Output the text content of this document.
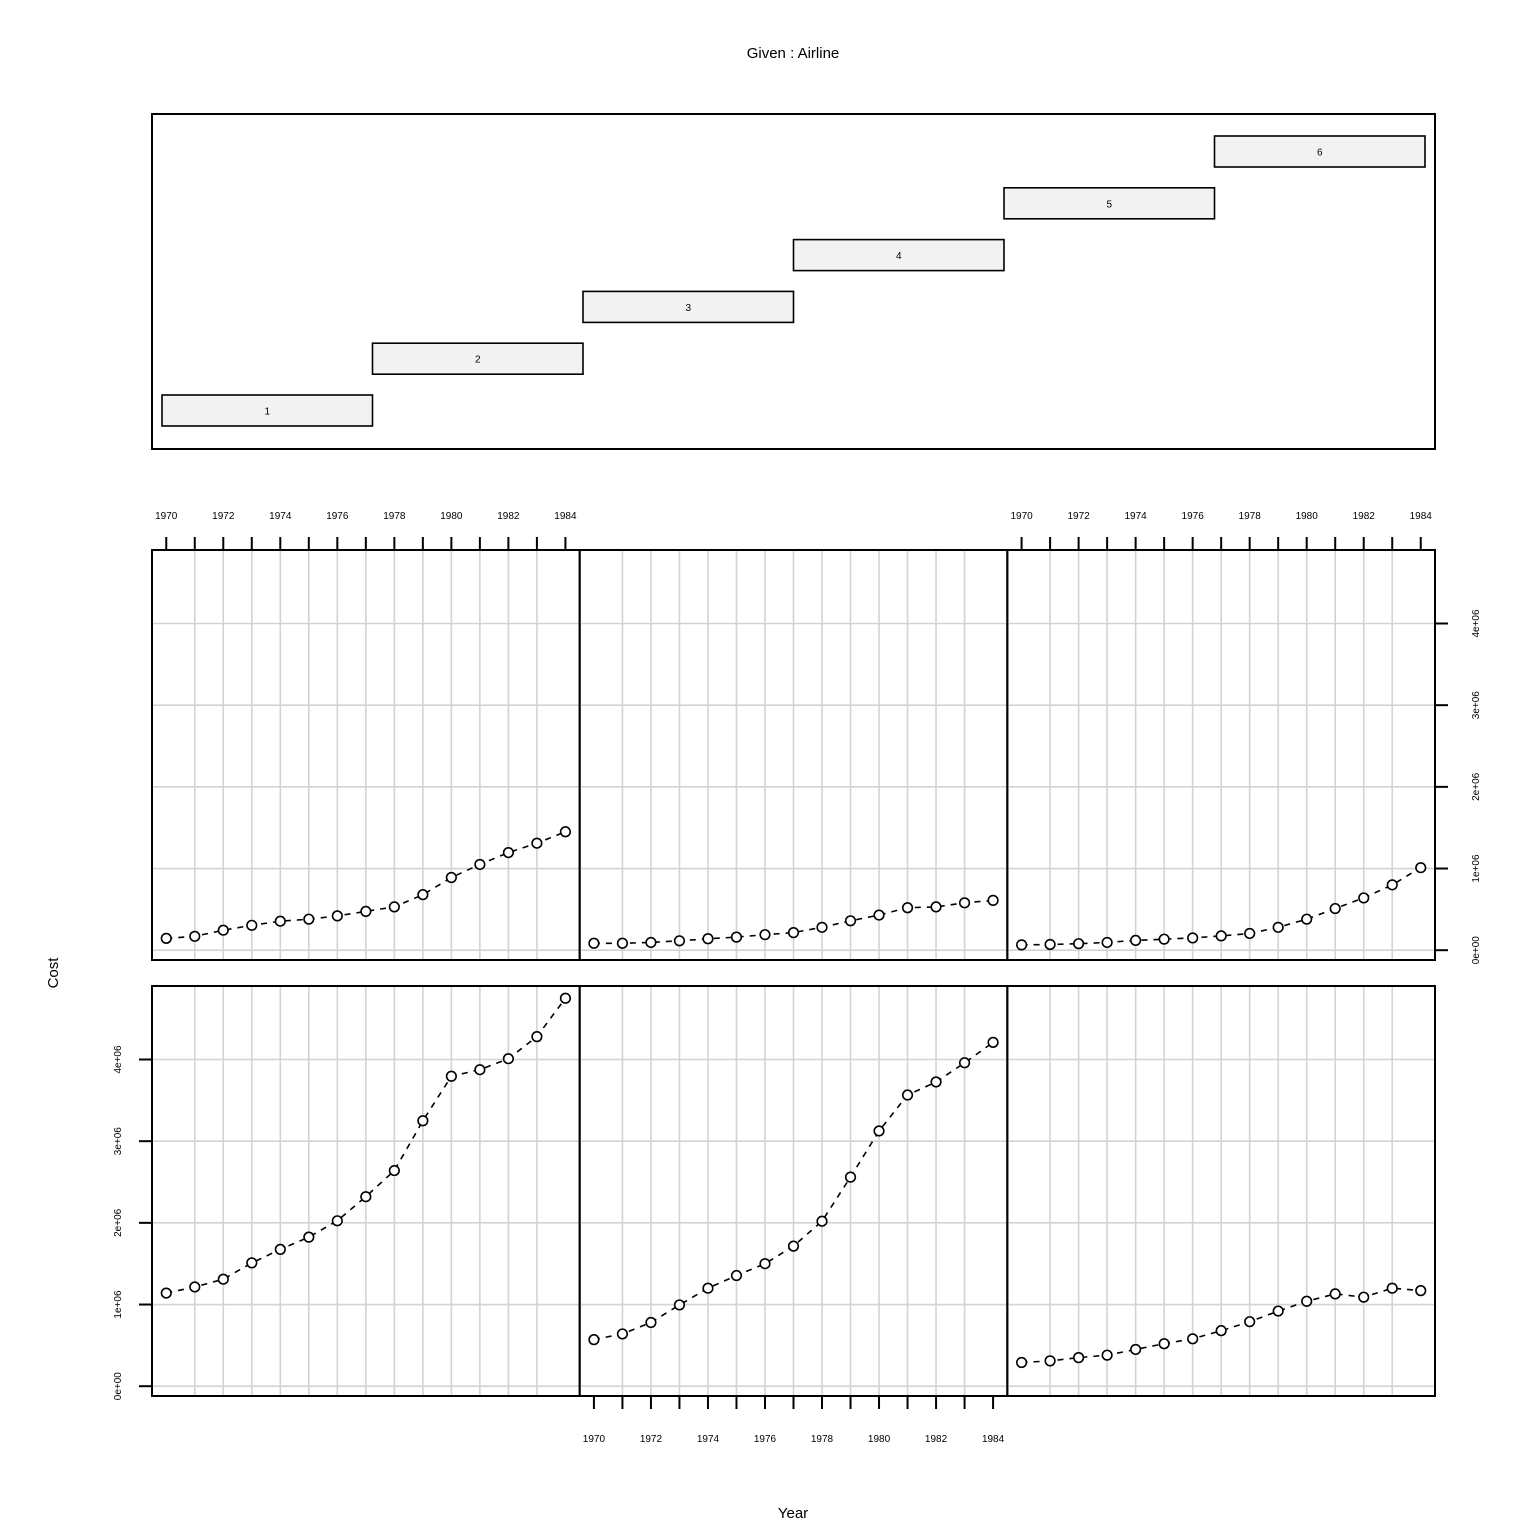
Given : Airline
Year
Cost
1
2
3
4
5
6
1970	1972	1974	1976	1978	1980	1982	1984	1970	1972	1974	1976	1978	1980	1982	1984
0e+00
1e+06
2e+06
3e+06
4e+06
1970	1972	1974	1976	1978	1980	1982	1984
0e+00
1e+06
2e+06
3e+06
4e+06
